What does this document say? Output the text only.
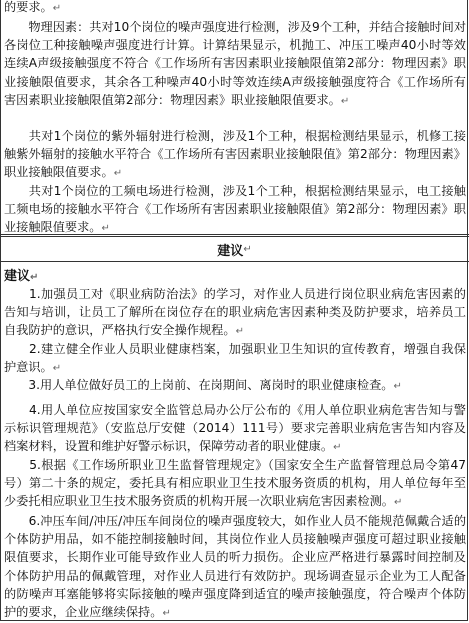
的要求。↵

　　物理因素：共对10个岗位的噪声强度进行检测，涉及9个工种，并结合接触时间对各岗位工种接触噪声强度进行计算。计算结果显示，机抛工、冲压工噪声40小时等效连续A声级接触强度不符合《工作场所有害因素职业接触限值第2部分：物理因素》职业接触限值要求，其余各工种噪声40小时等效连续A声级接触强度符合《工作场所有害因素职业接触限值第2部分：物理因素》职业接触限值要求。↵

　　共对1个岗位的紫外辐射进行检测，涉及1个工种，根据检测结果显示，机修工接触紫外辐射的接触水平符合《工作场所有害因素职业接触限值》第2部分：物理因素》职业接触限值要求。↵

　　共对1个岗位的工频电场进行检测，涉及1个工种，根据检测结果显示，电工接触工频电场的接触水平符合《工作场所有害因素职业接触限值》第2部分：物理因素》职业接触限值要求。↵

建议 ↵
建议↵

　　1.加强员工对《职业病防治法》的学习，对作业人员进行岗位职业病危害因素的告知与培训，让员工了解所在岗位存在的职业病危害因素种类及防护要求，培养员工自我防护的意识，严格执行安全操作规程。↵

　　2.建立健全作业人员职业健康档案，加强职业卫生知识的宣传教育，增强自我保护意识。↵

　　3.用人单位做好员工的上岗前、在岗期间、离岗时的职业健康检查。↵

　　4.用人单位应按国家安全监管总局办公厅公布的《用人单位职业病危害告知与警示标识管理规范》（安监总厅安健（2014）111号）要求完善职业病危害告知内容及档案材料，设置和维护好警示标识，保障劳动者的职业健康。↵

　　5.根据《工作场所职业卫生监督管理规定》（国家安全生产监督管理总局令第47号）第二十条的规定，委托具有相应职业卫生技术服务资质的机构，用人单位每年至少委托相应职业卫生技术服务资质的机构开展一次职业病危害因素检测。↵

　　6.冲压车间/冲压/冲压车间岗位的噪声强度较大，如作业人员不能规范佩戴合适的个体防护用品，如不能控制接触时间，其岗位作业人员接触噪声强度可超过职业接触限值要求，长期作业可能导致作业人员的听力损伤。企业应严格进行暴露时间控制及个体防护用品的佩戴管理，对作业人员进行有效防护。现场调查显示企业为工人配备的防噪声耳塞能够将实际接触的噪声强度降到适宜的噪声接触强度，符合噪声个体防护的要求，企业应继续保持。↵
